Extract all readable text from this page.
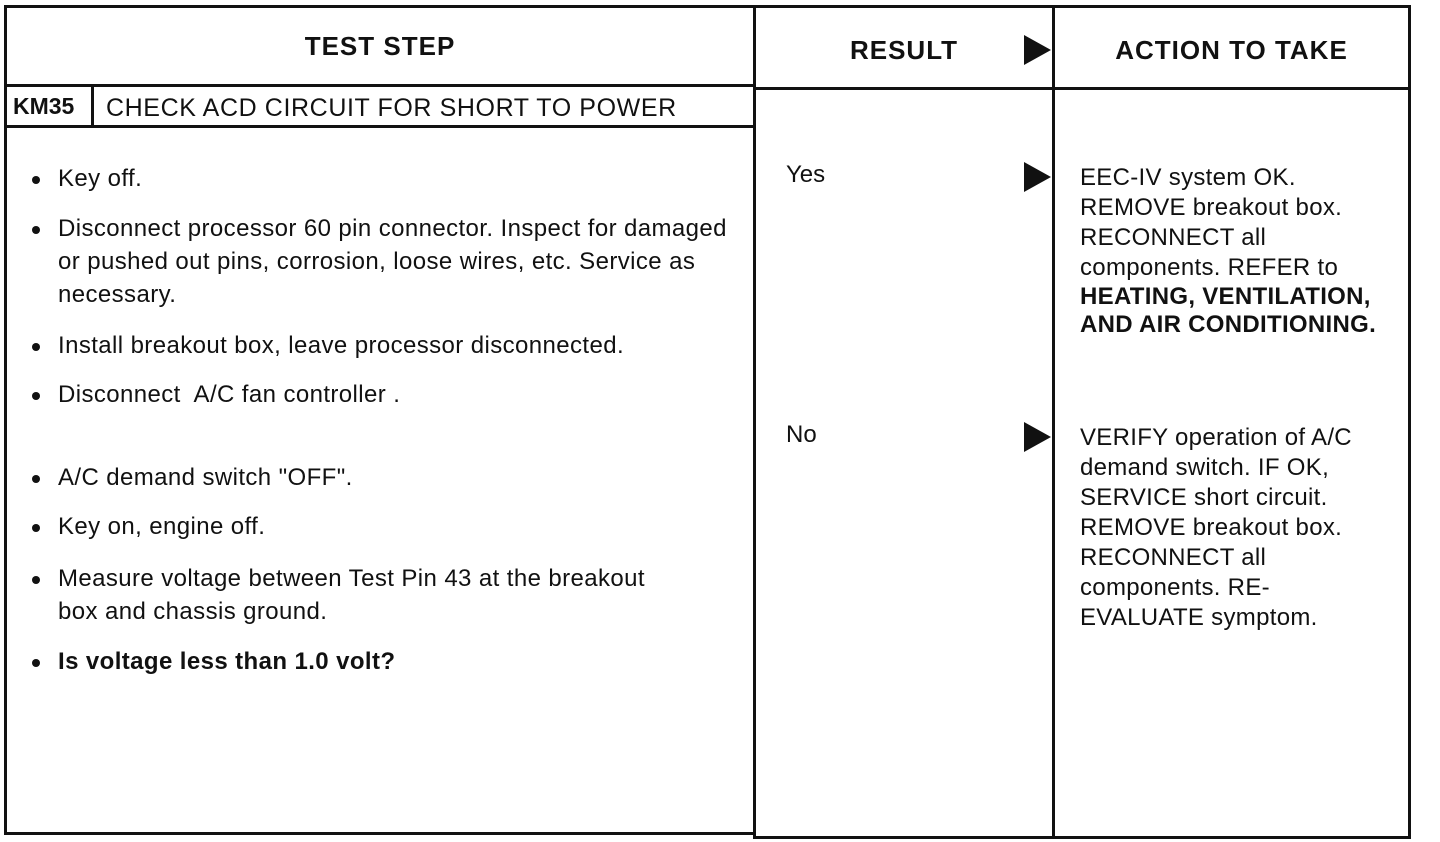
TEST STEP	RESULT	ACTION TO TAKE
KM35 CHECK ACD CIRCUIT FOR SHORT TO POWER
Key off.
Disconnect processor 60 pin connector. Inspect for damaged or pushed out pins, corrosion, loose wires, etc. Service as necessary.
Install breakout box, leave processor disconnected.
Disconnect  A/C fan controller .
A/C demand switch "OFF".
Key on, engine off.
Measure voltage between Test Pin 43 at the breakout box and chassis ground.
Is voltage less than 1.0 volt?
Yes
No
EEC-IV system OK. REMOVE breakout box. RECONNECT all components. REFER to
HEATING, VENTILATION,
AND AIR CONDITIONING.
VERIFY operation of A/C demand switch. IF OK, SERVICE short circuit. REMOVE breakout box. RECONNECT all components. RE-EVALUATE symptom.
